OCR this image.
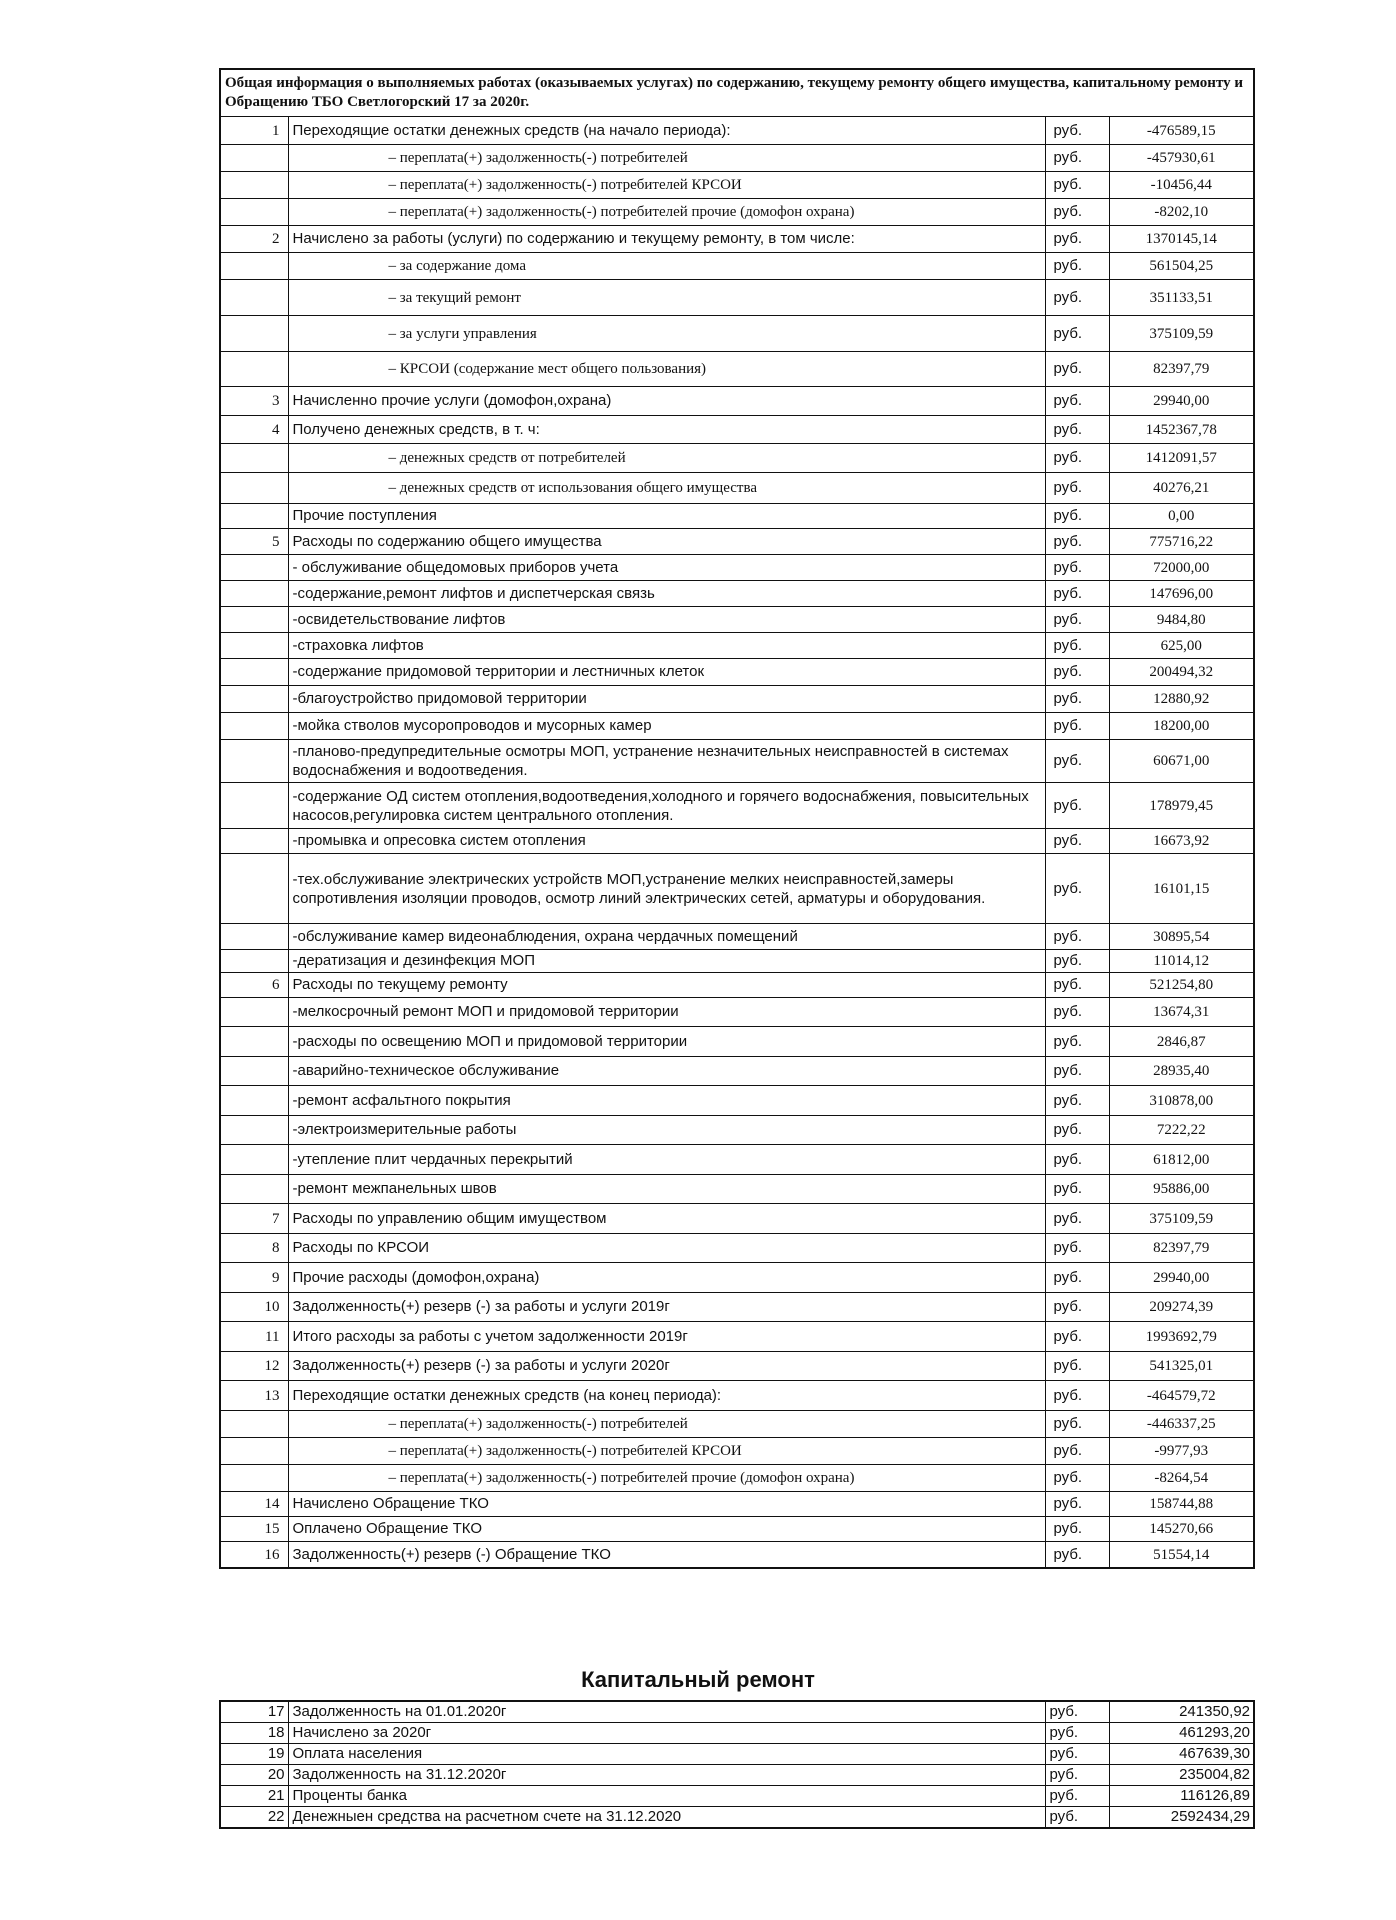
Общая информация о выполняемых работах (оказываемых услугах) по содержанию, текущему ремонту общего имущества, капитальному ремонту и Обращению ТБО Светлогорский 17 за 2020г.			
1	Переходящие остатки денежных средств (на начало периода):	руб.	-476589,15
	– переплата(+) задолженность(-) потребителей	руб.	-457930,61
	– переплата(+) задолженность(-) потребителей КРСОИ	руб.	-10456,44
	– переплата(+) задолженность(-) потребителей прочие (домофон охрана)	руб.	-8202,10
2	Начислено за работы (услуги) по содержанию и текущему ремонту, в том числе:	руб.	1370145,14
	– за содержание дома	руб.	561504,25
	– за текущий ремонт	руб.	351133,51
	– за услуги управления	руб.	375109,59
	– КРСОИ (содержание мест общего пользования)	руб.	82397,79
3	Начисленно прочие услуги (домофон,охрана)	руб.	29940,00
4	Получено денежных средств, в т. ч:	руб.	1452367,78
	– денежных средств от потребителей	руб.	1412091,57
	– денежных средств от использования общего имущества	руб.	40276,21
	Прочие поступления	руб.	0,00
5	Расходы по содержанию общего имущества	руб.	775716,22
	- обслуживание общедомовых приборов учета	руб.	72000,00
	-содержание,ремонт лифтов и диспетчерская связь	руб.	147696,00
	-освидетельствование лифтов	руб.	9484,80
	-страховка лифтов	руб.	625,00
	-содержание придомовой территории и лестничных клеток	руб.	200494,32
	-благоустройство придомовой территории	руб.	12880,92
	-мойка стволов мусоропроводов и мусорных камер	руб.	18200,00
	-планово-предупредительные осмотры МОП, устранение незначительных неисправностей в системах водоснабжения и водоотведения.	руб.	60671,00
	-содержание ОД систем отопления,водоотведения,холодного и горячего водоснабжения, повысительных насосов,регулировка систем центрального отопления.	руб.	178979,45
	-промывка и опресовка систем отопления	руб.	16673,92
	-тех.обслуживание электрических устройств МОП,устранение мелких неисправностей,замеры сопротивления изоляции проводов, осмотр линий электрических сетей, арматуры и оборудования.	руб.	16101,15
	-обслуживание камер видеонаблюдения, охрана чердачных помещений	руб.	30895,54
	-дератизация и дезинфекция МОП	руб.	11014,12
6	Расходы по текущему ремонту	руб.	521254,80
	-мелкосрочный ремонт МОП и придомовой территории	руб.	13674,31
	-расходы по освещению МОП и придомовой территории	руб.	2846,87
	-аварийно-техническое обслуживание	руб.	28935,40
	-ремонт асфальтного покрытия	руб.	310878,00
	-электроизмерительные работы	руб.	7222,22
	-утепление плит чердачных перекрытий	руб.	61812,00
	-ремонт межпанельных швов	руб.	95886,00
7	Расходы по управлению общим имуществом	руб.	375109,59
8	Расходы по КРСОИ	руб.	82397,79
9	Прочие расходы (домофон,охрана)	руб.	29940,00
10	Задолженность(+) резерв (-) за работы и услуги 2019г	руб.	209274,39
11	Итого расходы за работы с учетом задолженности 2019г	руб.	1993692,79
12	Задолженность(+) резерв (-) за работы и услуги 2020г	руб.	541325,01
13	Переходящие остатки денежных средств (на конец периода):	руб.	-464579,72
	– переплата(+) задолженность(-) потребителей	руб.	-446337,25
	– переплата(+) задолженность(-) потребителей КРСОИ	руб.	-9977,93
	– переплата(+) задолженность(-) потребителей прочие (домофон охрана)	руб.	-8264,54
14	Начислено Обращение ТКО	руб.	158744,88
15	Оплачено Обращение ТКО	руб.	145270,66
16	Задолженность(+) резерв (-) Обращение ТКО	руб.	51554,14
Капитальный ремонт
17	Задолженность на 01.01.2020г	руб.	241350,92
18	Начислено за 2020г	руб.	461293,20
19	Оплата населения	руб.	467639,30
20	Задолженность на 31.12.2020г	руб.	235004,82
21	Проценты банка	руб.	116126,89
22	Денежныен средства на расчетном счете на 31.12.2020	руб.	2592434,29
